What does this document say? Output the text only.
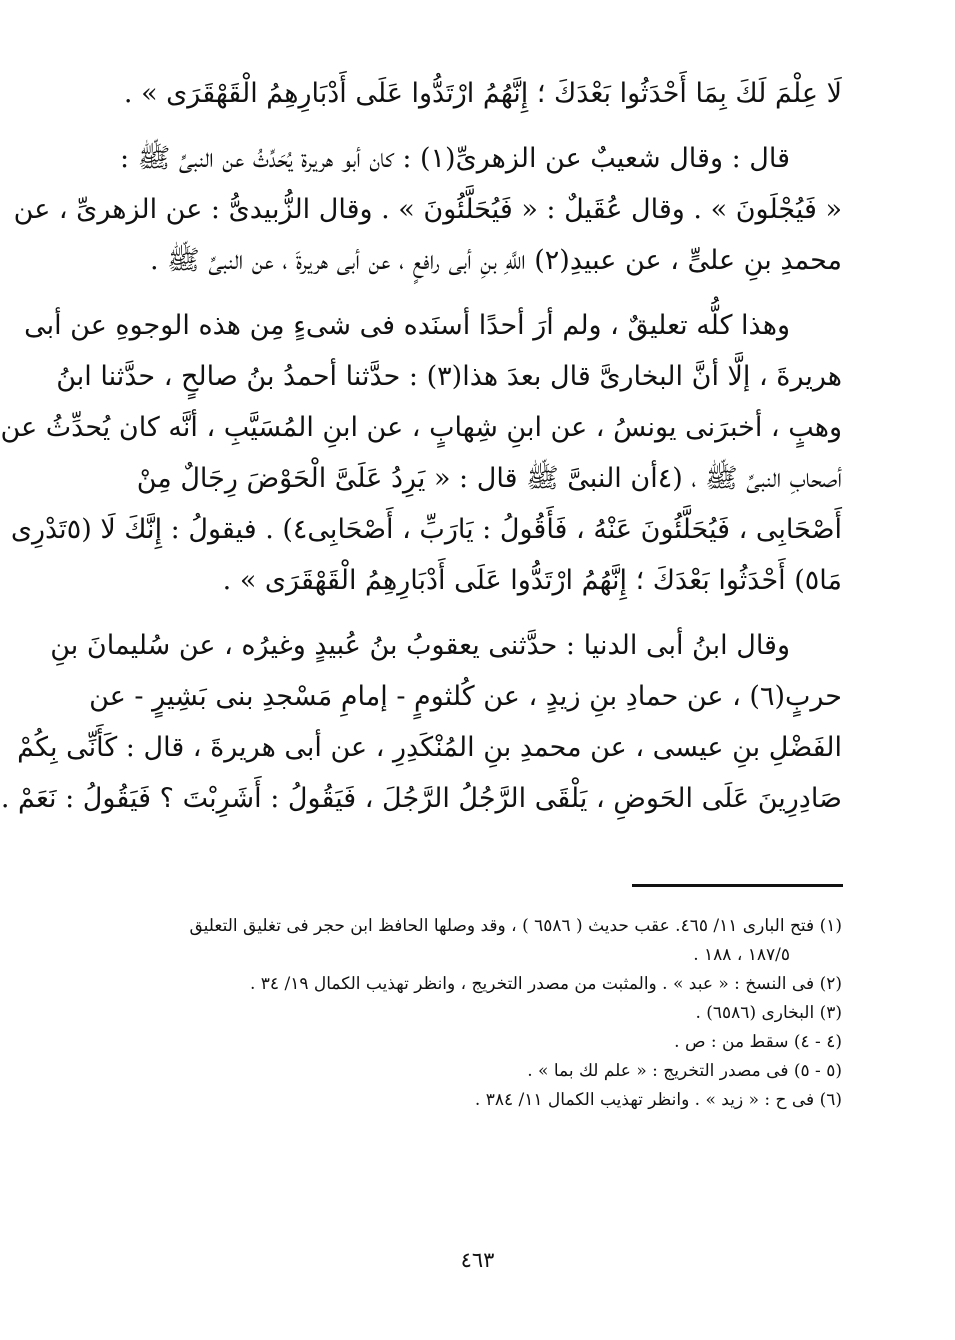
لَا عِلْمَ لَكَ بِمَا أَحْدَثُوا بَعْدَكَ ؛ إِنَّهُمُ ارْتَدُّوا عَلَى أَدْبَارِهِمُ الْقَهْقَرَى » .
قال : وقال شعيبٌ عن الزهرىِّ(١) : كان أبو هريرة يُحَدِّثُ عن النبىِّ ﷺ :
« فَيُجْلَونَ » . وقال عُقَيلٌ : « فَيُحَلَّئُونَ » . وقال الزُّبيدىُّ : عن الزهرىِّ ، عن
محمدِ بنِ علىٍّ ، عن عبيدِ(٢) اللَّهِ بنِ أبى رافعٍ ، عن أبى هريرةَ ، عن النبىِّ ﷺ .
وهذا كلُّه تعليقٌ ، ولم أرَ أحدًا أسنَده فى شىءٍ مِن هذه الوجوهِ عن أبى
هريرةَ ، إلَّا أنَّ البخارىَّ قال بعدَ هذا(٣) : حدَّثنا أحمدُ بنُ صالحٍ ، حدَّثنا ابنُ
وهبٍ ، أخبرَنى يونسُ ، عن ابنِ شِهابٍ ، عن ابنِ المُسَيَّبِ ، أنَّه كان يُحدِّثُ عن
أصحابِ النبىِّ ﷺ ، (٤أن النبىَّ ﷺ قال : « يَرِدُ عَلَىَّ الْحَوْضَ رِجَالٌ مِنْ
أَصْحَابِى ، فَيُحَلَّئُونَ عَنْهُ ، فَأَقُولُ : يَارَبِّ ، أَصْحَابِى٤) . فيقولُ : إِنَّكَ لَا (٥تَدْرِى
مَا٥) أَحْدَثُوا بَعْدَكَ ؛ إِنَّهُمُ ارْتَدُّوا عَلَى أَدْبَارِهِمُ الْقَهْقَرَى » .
وقال ابنُ أبى الدنيا : حدَّثنى يعقوبُ بنُ عُبيدٍ وغيرُه ، عن سُليمانَ بنِ
حربٍ(٦) ، عن حمادِ بنِ زيدٍ ، عن كُلثومٍ - إمامِ مَسْجدِ بنى بَشِيرٍ - عن
الفَضْلِ بنِ عيسى ، عن محمدِ بنِ المُنْكَدِرِ ، عن أبى هريرةَ ، قال : كَأَنِّى بِكُمْ
صَادِرِينَ عَلَى الحَوضِ ، يَلْقَى الرَّجُلُ الرَّجُلَ ، فَيَقُولُ : أَشَرِبْتَ ؟ فَيَقُولُ : نَعَمْ .
(١) فتح البارى ١١/ ٤٦٥. عقب حديث ( ٦٥٨٦ ) ، وقد وصلها الحافظ ابن حجر فى تغليق التعليق
١٨٧/٥ ، ١٨٨ .
(٢) فى النسخ : « عبد » . والمثبت من مصدر التخريج ، وانظر تهذيب الكمال ١٩/ ٣٤ .
(٣) البخارى (٦٥٨٦) .
(٤ - ٤) سقط من : ص .
(٥ - ٥) فى مصدر التخريج : « علم لك بما » .
(٦) فى ح : « زيد » . وانظر تهذيب الكمال ١١/ ٣٨٤ .
٤٦٣
